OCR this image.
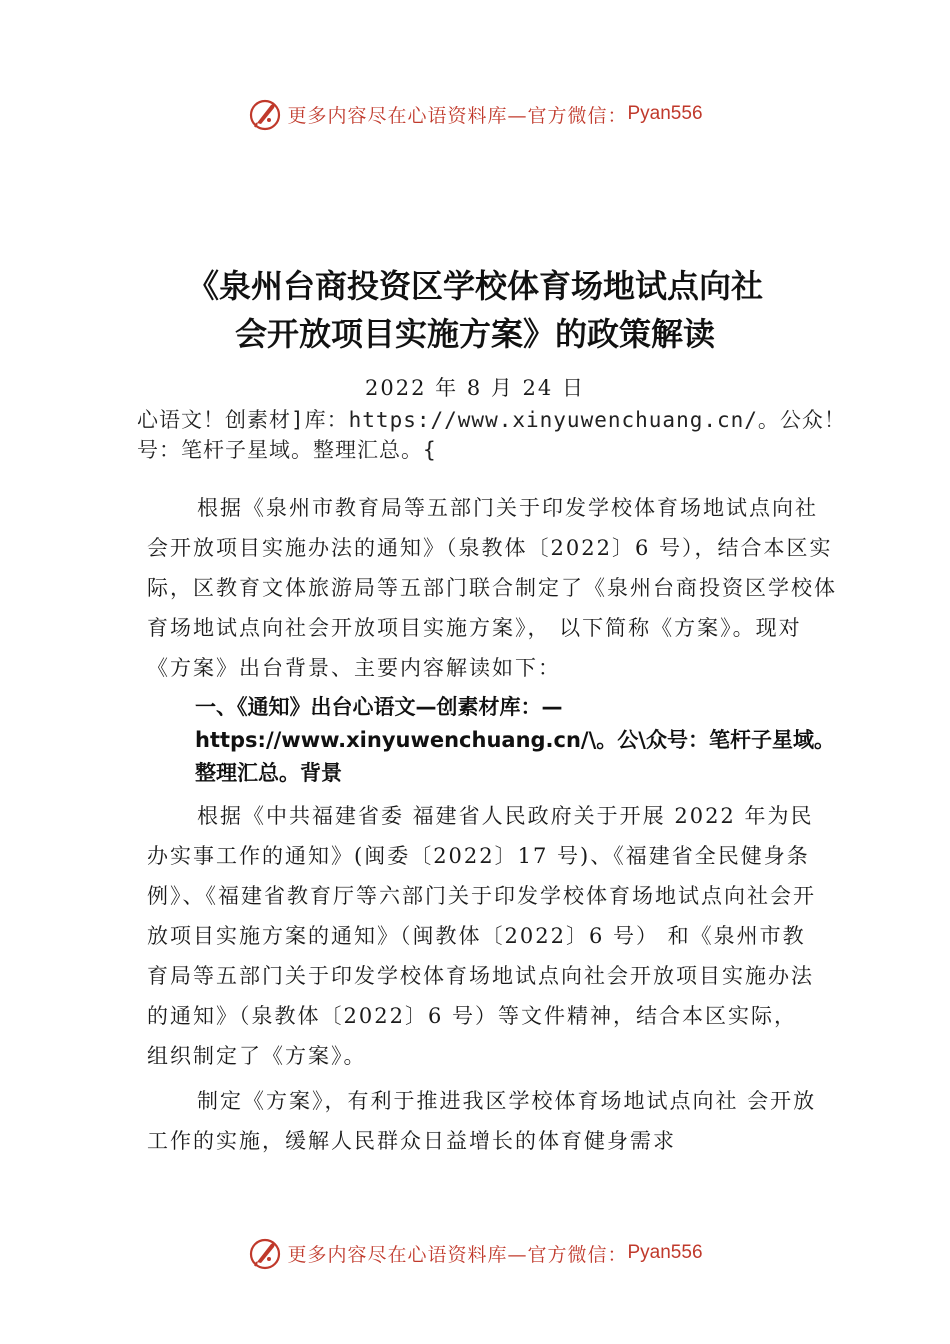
更多内容尽在心语资料库—官方微信： Pyan556
《泉州台商投资区学校体育场地试点向社
会开放项目实施方案》的政策解读
2022 年 8 月 24 日
心语文！创素材]库：https://www.xinyuwenchuang.cn/。公众！号：笔杆子星域。整理汇总。{

根据《泉州市教育局等五部门关于印发学校体育场地试点向社会开放项目实施办法的通知》（泉教体〔2022〕6 号），结合本区实际，区教育文体旅游局等五部门联合制定了《泉州台商投资区学校体育场地试点向社会开放项目实施方案》， 以下简称《方案》。现对《方案》出台背景、主要内容解读如下：

一、《通知》出台心语文—创素材库：—https://www.xinyuwenchuang.cn/\。公\众号：笔杆子星域。整理汇总。背景

根据《中共福建省委 福建省人民政府关于开展 2022 年为民办实事工作的通知》(闽委〔2022〕17 号)、《福建省全民健身条例》、《福建省教育厅等六部门关于印发学校体育场地试点向社会开放项目实施方案的通知》（闽教体〔2022〕6 号） 和《泉州市教育局等五部门关于印发学校体育场地试点向社会开放项目实施办法的通知》（泉教体〔2022〕6 号）等文件精神，结合本区实际，组织制定了《方案》。

制定《方案》，有利于推进我区学校体育场地试点向社 会开放工作的实施，缓解人民群众日益增长的体育健身需求

更多内容尽在心语资料库—官方微信： Pyan556
